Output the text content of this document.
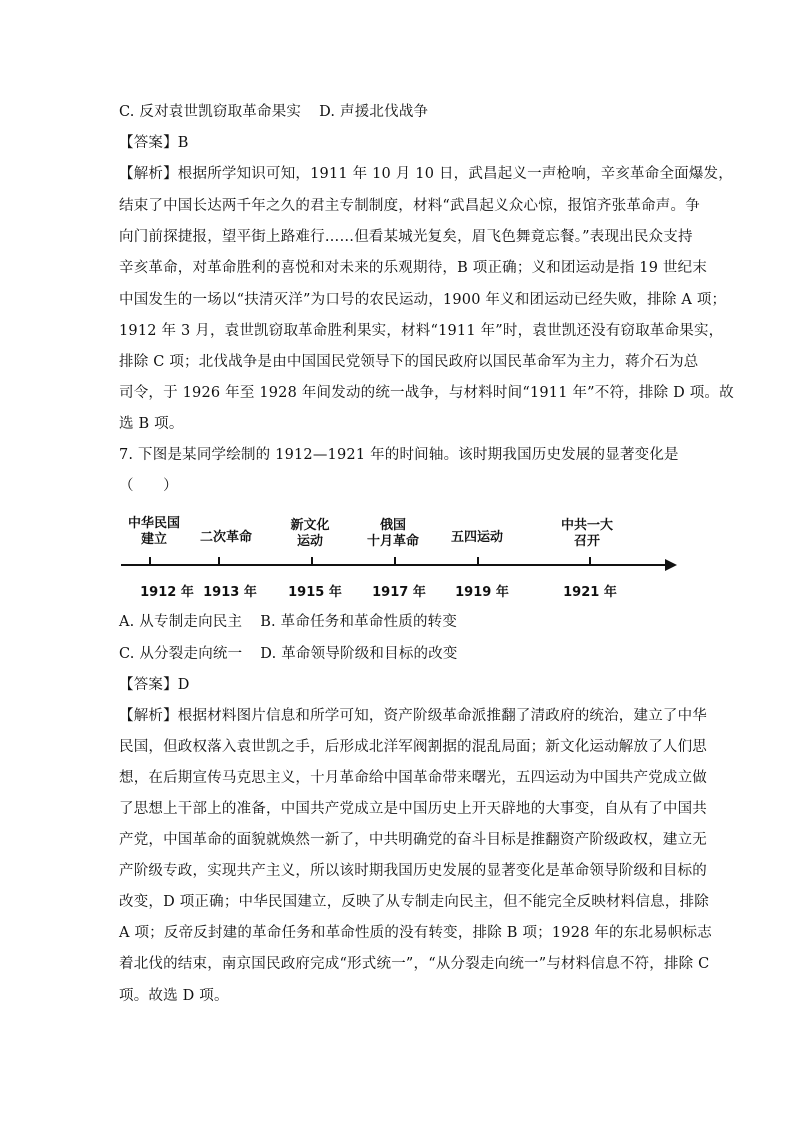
C. 反对袁世凯窃取革命果实 D. 声援北伐战争
【答案】B
【解析】根据所学知识可知，1911 年 10 月 10 日，武昌起义一声枪响，辛亥革命全面爆发，
结束了中国长达两千年之久的君主专制制度，材料“武昌起义众心惊，报馆齐张革命声。争
向门前探捷报，望平街上路难行……但看某城光复矣，眉飞色舞竟忘餐。”表现出民众支持
辛亥革命，对革命胜利的喜悦和对未来的乐观期待，B 项正确；义和团运动是指 19 世纪末
中国发生的一场以“扶清灭洋”为口号的农民运动，1900 年义和团运动已经失败，排除 A 项；
1912 年 3 月，袁世凯窃取革命胜利果实，材料“1911 年”时，袁世凯还没有窃取革命果实，
排除 C 项；北伐战争是由中国国民党领导下的国民政府以国民革命军为主力，蒋介石为总
司令，于 1926 年至 1928 年间发动的统一战争，与材料时间“1911 年”不符，排除 D 项。故
选 B 项。
7. 下图是某同学绘制的 1912—1921 年的时间轴。该时期我国历史发展的显著变化是
（　　）
中华民国
建立	二次革命
新文化
运动
俄国
十月革命 五四运动
中共一大
召开
1912 年 1913 年 1915 年 1917 年 1919 年	1921 年
A. 从专制走向民主 B. 革命任务和革命性质的转变
C. 从分裂走向统一 D. 革命领导阶级和目标的改变
【答案】D
【解析】根据材料图片信息和所学可知，资产阶级革命派推翻了清政府的统治，建立了中华
民国，但政权落入袁世凯之手，后形成北洋军阀割据的混乱局面；新文化运动解放了人们思
想，在后期宣传马克思主义，十月革命给中国革命带来曙光，五四运动为中国共产党成立做
了思想上干部上的准备，中国共产党成立是中国历史上开天辟地的大事变，自从有了中国共
产党，中国革命的面貌就焕然一新了，中共明确党的奋斗目标是推翻资产阶级政权，建立无
产阶级专政，实现共产主义，所以该时期我国历史发展的显著变化是革命领导阶级和目标的
改变，D 项正确；中华民国建立，反映了从专制走向民主，但不能完全反映材料信息，排除
A 项；反帝反封建的革命任务和革命性质的没有转变，排除 B 项；1928 年的东北易帜标志
着北伐的结束，南京国民政府完成“形式统一”，“从分裂走向统一”与材料信息不符，排除 C
项。故选 D 项。
